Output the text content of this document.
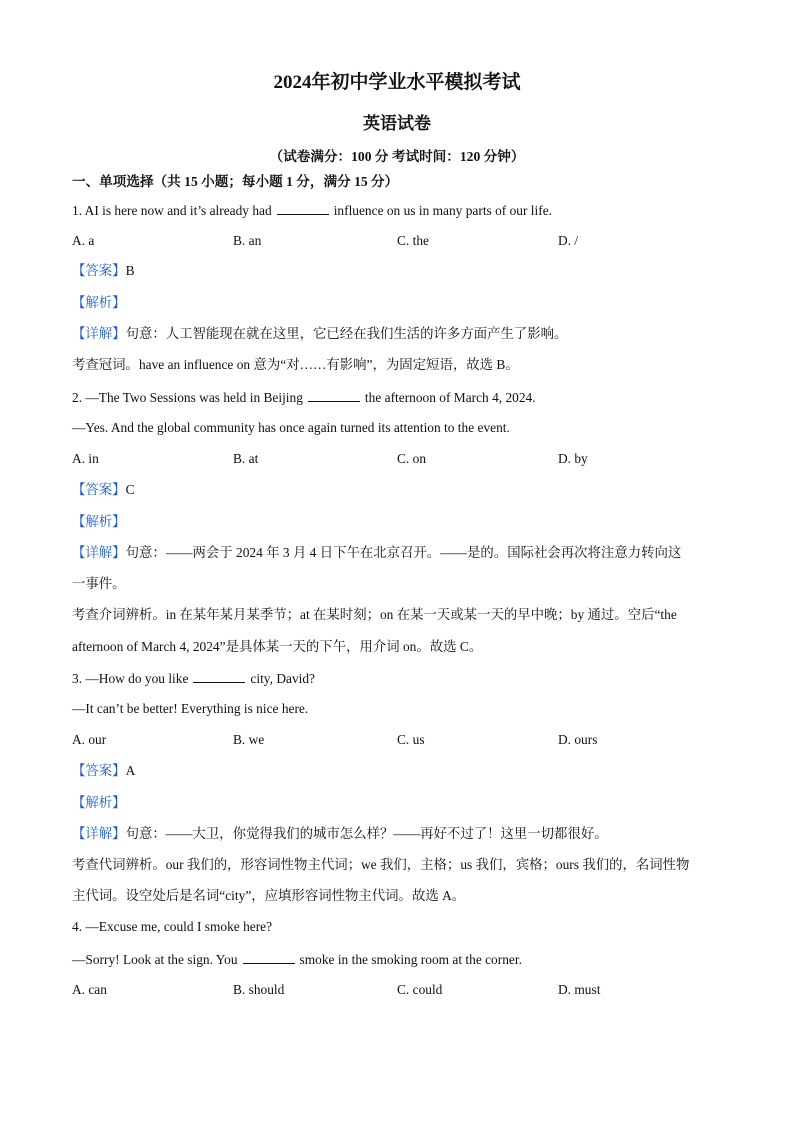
2024年初中学业水平模拟考试
英语试卷
（试卷满分：100 分 考试时间：120 分钟）
一、单项选择（共 15 小题；每小题 1 分，满分 15 分）
1. AI is here now and it’s already had	influence on us in many parts of our life.
A. a	B. an	C. the	D. /
【答案】B
【解析】
【详解】句意：人工智能现在就在这里，它已经在我们生活的许多方面产生了影响。
考查冠词。have an influence on 意为“对……有影响”，为固定短语，故选 B。
2. —The Two Sessions was held in Beijing	the afternoon of March 4, 2024.
—Yes. And the global community has once again turned its attention to the event.
A. in	B. at	C. on	D. by
【答案】C
【解析】
【详解】句意：——两会于 2024 年 3 月 4 日下午在北京召开。——是的。国际社会再次将注意力转向这
一事件。
考查介词辨析。in 在某年某月某季节；at 在某时刻；on 在某一天或某一天的早中晚；by 通过。空后“the
afternoon of March 4, 2024”是具体某一天的下午，用介词 on。故选 C。
3. —How do you like	city, David?
—It can’t be better! Everything is nice here.
A. our	B. we	C. us	D. ours
【答案】A
【解析】
【详解】句意：——大卫，你觉得我们的城市怎么样？——再好不过了！这里一切都很好。
考查代词辨析。our 我们的，形容词性物主代词；we 我们，主格；us 我们，宾格；ours 我们的，名词性物
主代词。设空处后是名词“city”，应填形容词性物主代词。故选 A。
4. —Excuse me, could I smoke here?
—Sorry! Look at the sign. You	smoke in the smoking room at the corner.
A. can	B. should	C. could	D. must
